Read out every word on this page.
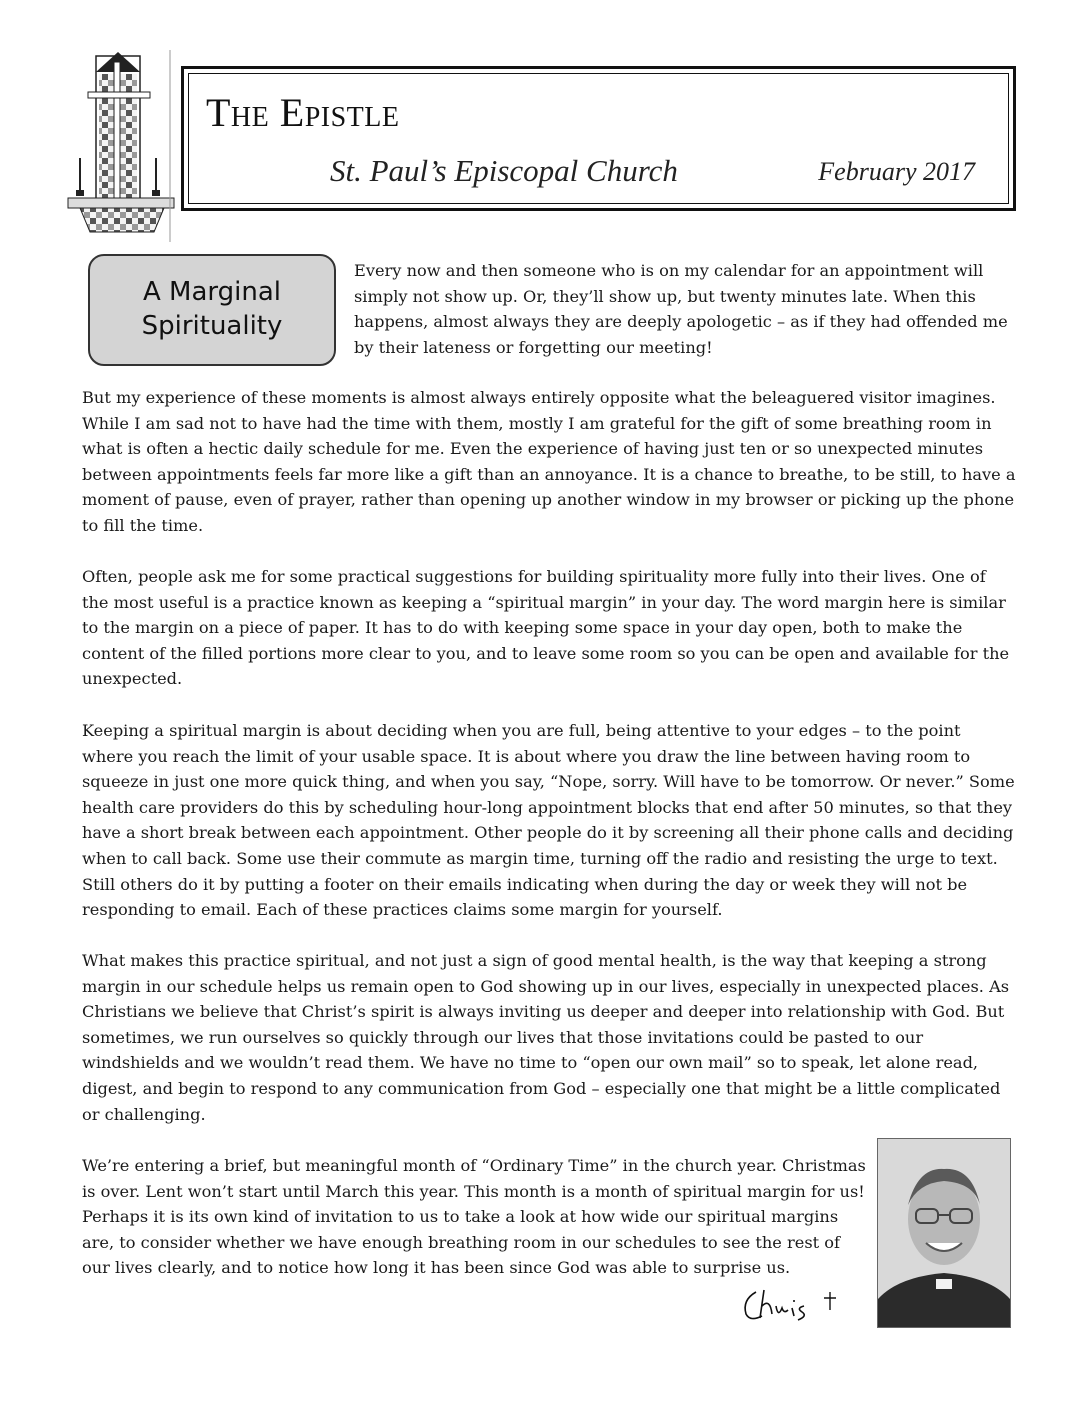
The Epistle
St. Paul’s Episcopal Church	February 2017
A Marginal
Spirituality

Every now and then someone who is on my calendar for an appointment will simply not show up. Or, they’ll show up, but twenty minutes late. When this happens, almost always they are deeply apologetic – as if they had offended me by their lateness or forgetting our meeting!

But my experience of these moments is almost always entirely opposite what the beleaguered visitor imagines. While I am sad not to have had the time with them, mostly I am grateful for the gift of some breathing room in what is often a hectic daily schedule for me. Even the experience of having just ten or so unexpected minutes between appointments feels far more like a gift than an annoyance. It is a chance to breathe, to be still, to have a moment of pause, even of prayer, rather than opening up another window in my browser or picking up the phone to fill the time.

Often, people ask me for some practical suggestions for building spirituality more fully into their lives. One of the most useful is a practice known as keeping a “spiritual margin” in your day. The word margin here is similar to the margin on a piece of paper. It has to do with keeping some space in your day open, both to make the content of the filled portions more clear to you, and to leave some room so you can be open and available for the unexpected.

Keeping a spiritual margin is about deciding when you are full, being attentive to your edges – to the point where you reach the limit of your usable space. It is about where you draw the line between having room to squeeze in just one more quick thing, and when you say, “Nope, sorry. Will have to be tomorrow. Or never.” Some health care providers do this by scheduling hour-long appointment blocks that end after 50 minutes, so that they have a short break between each appointment. Other people do it by screening all their phone calls and deciding when to call back. Some use their commute as margin time, turning off the radio and resisting the urge to text. Still others do it by putting a footer on their emails indicating when during the day or week they will not be responding to email. Each of these practices claims some margin for yourself.

What makes this practice spiritual, and not just a sign of good mental health, is the way that keeping a strong margin in our schedule helps us remain open to God showing up in our lives, especially in unexpected places. As Christians we believe that Christ’s spirit is always inviting us deeper and deeper into relationship with God. But sometimes, we run ourselves so quickly through our lives that those invitations could be pasted to our windshields and we wouldn’t read them. We have no time to “open our own mail” so to speak, let alone read, digest, and begin to respond to any communication from God – especially one that might be a little complicated or challenging.

We’re entering a brief, but meaningful month of “Ordinary Time” in the church year. Christmas is over. Lent won’t start until March this year. This month is a month of spiritual margin for us! Perhaps it is its own kind of invitation to us to take a look at how wide our spiritual margins are, to consider whether we have enough breathing room in our schedules to see the rest of our lives clearly, and to notice how long it has been since God was able to surprise us.
